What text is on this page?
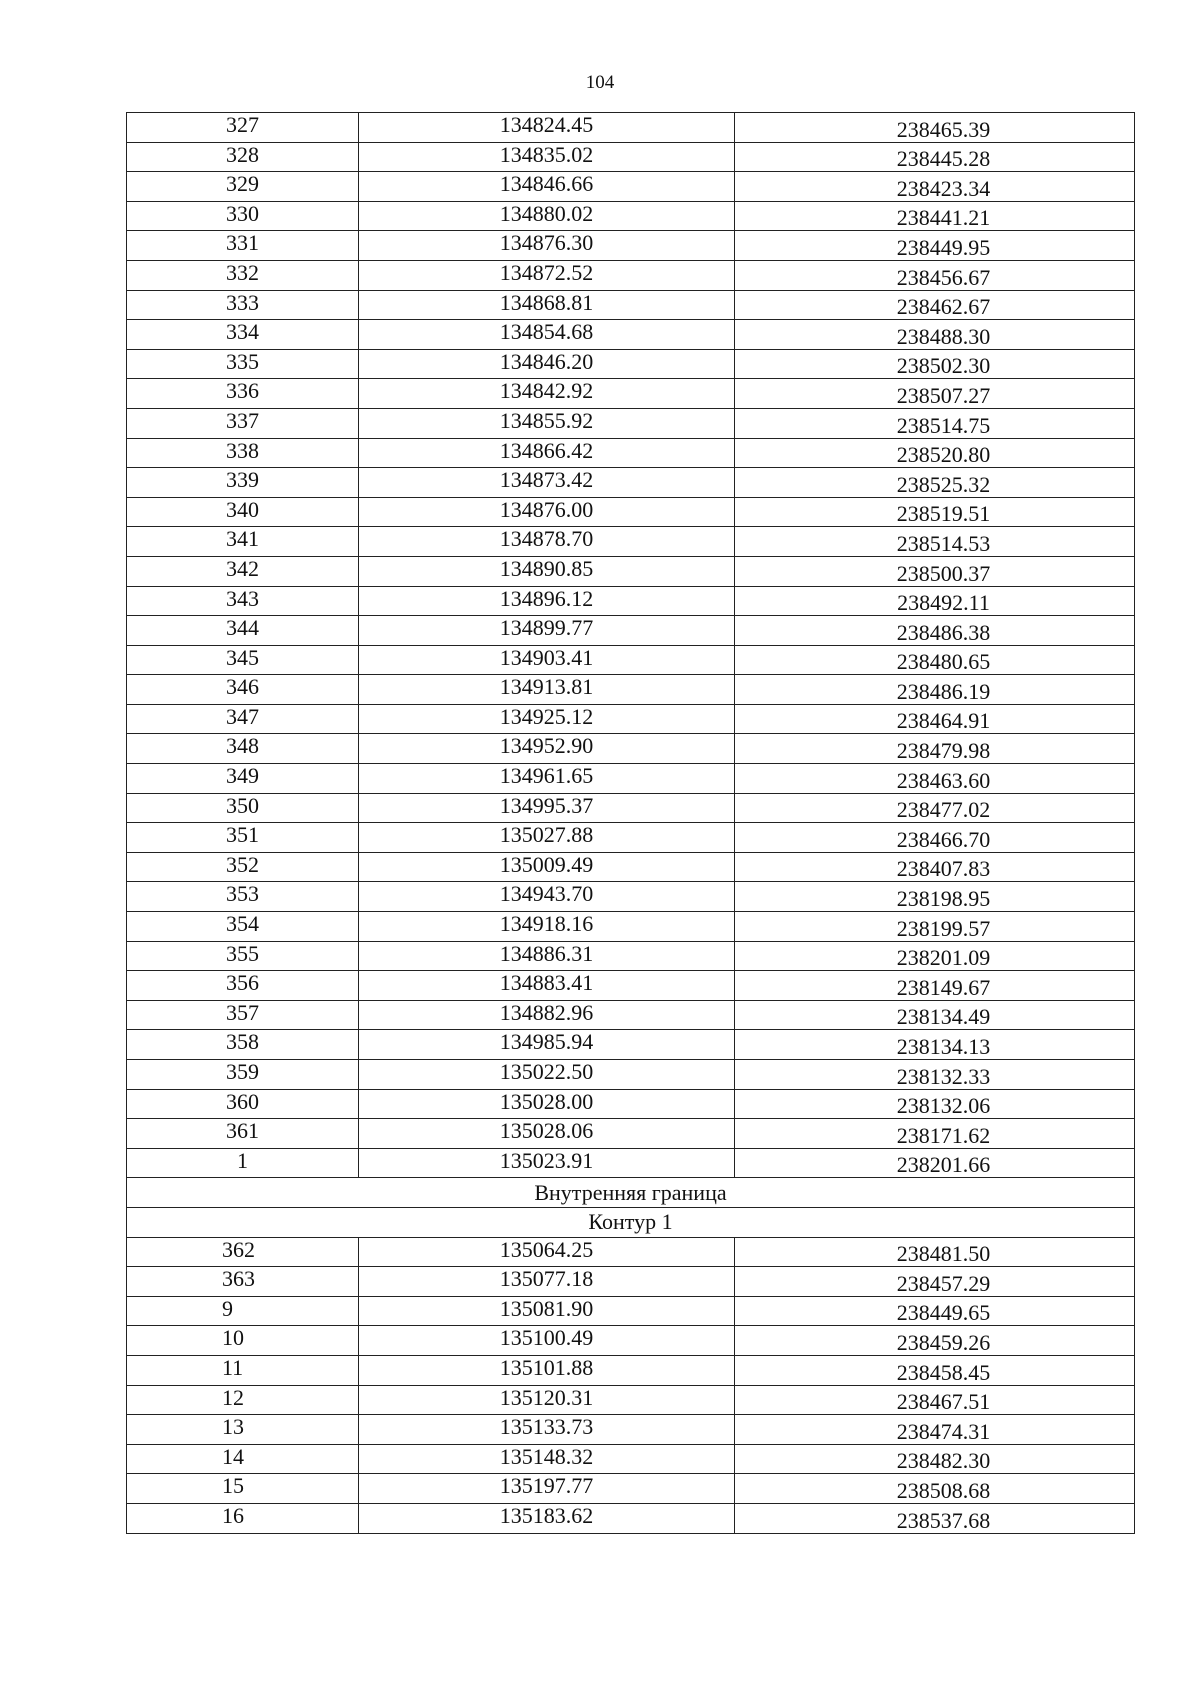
104
327	134824.45	238465.39
328	134835.02	238445.28
329	134846.66	238423.34
330	134880.02	238441.21
331	134876.30	238449.95
332	134872.52	238456.67
333	134868.81	238462.67
334	134854.68	238488.30
335	134846.20	238502.30
336	134842.92	238507.27
337	134855.92	238514.75
338	134866.42	238520.80
339	134873.42	238525.32
340	134876.00	238519.51
341	134878.70	238514.53
342	134890.85	238500.37
343	134896.12	238492.11
344	134899.77	238486.38
345	134903.41	238480.65
346	134913.81	238486.19
347	134925.12	238464.91
348	134952.90	238479.98
349	134961.65	238463.60
350	134995.37	238477.02
351	135027.88	238466.70
352	135009.49	238407.83
353	134943.70	238198.95
354	134918.16	238199.57
355	134886.31	238201.09
356	134883.41	238149.67
357	134882.96	238134.49
358	134985.94	238134.13
359	135022.50	238132.33
360	135028.00	238132.06
361	135028.06	238171.62
1	135023.91	238201.66
Внутренняя граница		
Контур 1		
362	135064.25	238481.50
363	135077.18	238457.29
9	135081.90	238449.65
10	135100.49	238459.26
11	135101.88	238458.45
12	135120.31	238467.51
13	135133.73	238474.31
14	135148.32	238482.30
15	135197.77	238508.68
16	135183.62	238537.68
